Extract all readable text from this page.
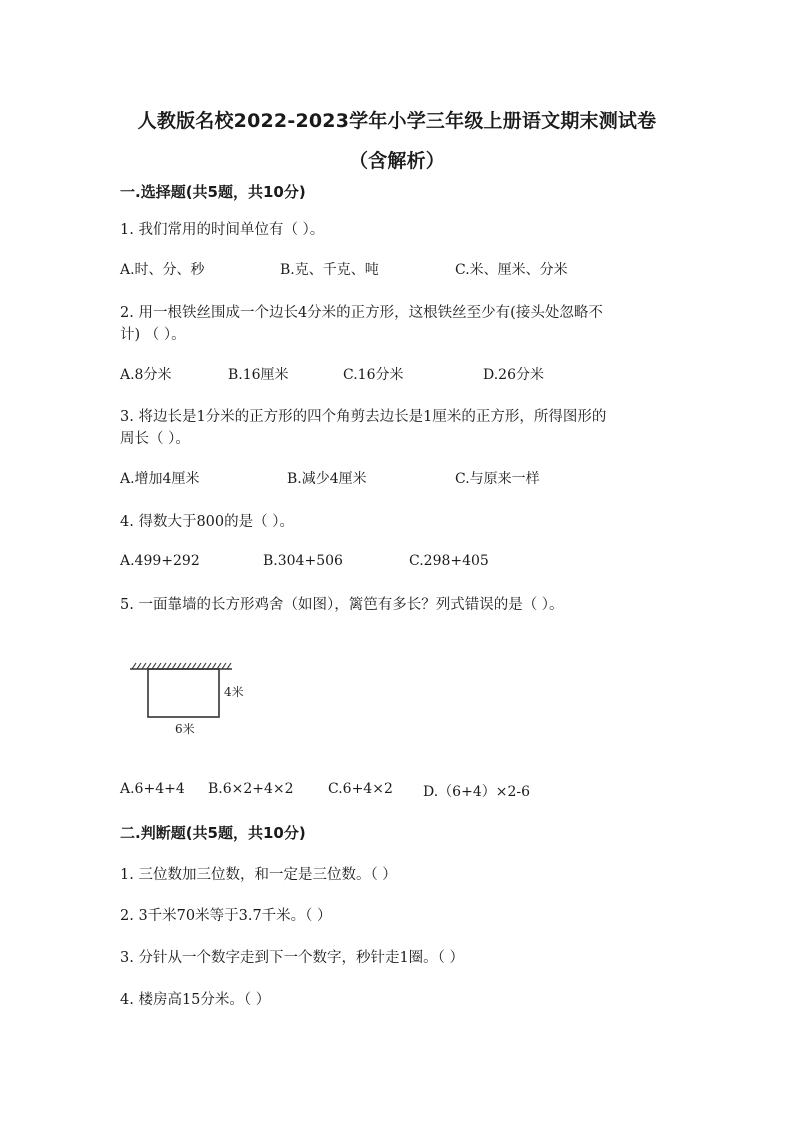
人教版名校2022-2023学年小学三年级上册语文期末测试卷
（含解析）
一.选择题(共5题，共10分)
1. 我们常用的时间单位有（ ）。
A.时、分、秒	B.克、千克、吨	C.米、厘米、分米
2. 用一根铁丝围成一个边长4分米的正方形，这根铁丝至少有(接头处忽略不
计) （ ）。
A.8分米	B.16厘米	C.16分米	D.26分米
3. 将边长是1分米的正方形的四个角剪去边长是1厘米的正方形，所得图形的
周长（ ）。
A.增加4厘米	B.减少4厘米	C.与原来一样
4. 得数大于800的是（ ）。
A.499+292	B.304+506	C.298+405
5. 一面靠墙的长方形鸡舍（如图），篱笆有多长？列式错误的是（ ）。
4米
6米
A.6+4+4 B.6×2+4×2 C.6+4×2 D.（6+4）×2-6
二.判断题(共5题，共10分)
1. 三位数加三位数，和一定是三位数。（ ）
2. 3千米70米等于3.7千米。（ ）
3. 分针从一个数字走到下一个数字，秒针走1圈。（ ）
4. 楼房高15分米。（ ）
